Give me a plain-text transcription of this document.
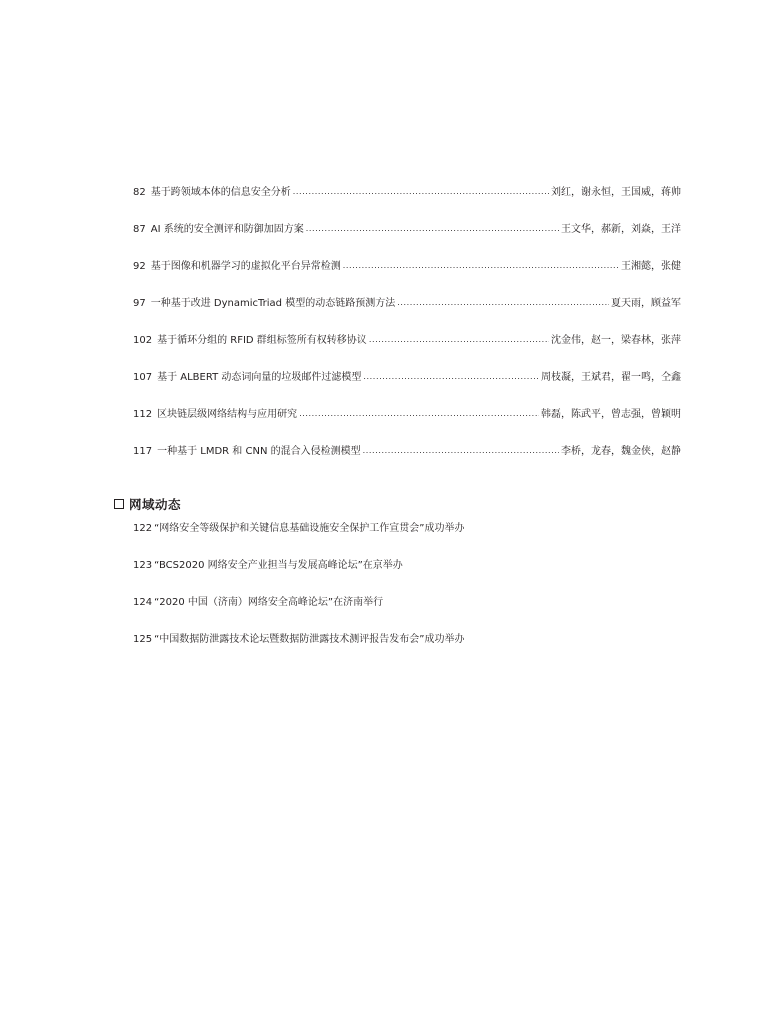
82 基于跨领域本体的信息安全分析 .....	刘红，谢永恒，王国威，蒋帅
87 AI 系统的安全测评和防御加固方案 .....	王文华，郝新，刘焱，王洋
92 基于图像和机器学习的虚拟化平台异常检测 .....	王湘懿，张健
97 一种基于改进 DynamicTriad 模型的动态链路预测方法 .....	夏天雨，顾益军
102 基于循环分组的 RFID 群组标签所有权转移协议 .....	沈金伟，赵一，梁春林，张萍
107 基于 ALBERT 动态词向量的垃圾邮件过滤模型 .....	周枝凝，王斌君，翟一鸣，仝鑫
112 区块链层级网络结构与应用研究 .....	韩磊，陈武平，曾志强，曾颖明
117 一种基于 LMDR 和 CNN 的混合入侵检测模型 .....	李桥，龙春，魏金侠，赵静
网域动态
122 “网络安全等级保护和关键信息基础设施安全保护工作宣贯会”成功举办
123 “BCS2020 网络安全产业担当与发展高峰论坛”在京举办
124 “2020 中国（济南）网络安全高峰论坛”在济南举行
125 “中国数据防泄露技术论坛暨数据防泄露技术测评报告发布会”成功举办
